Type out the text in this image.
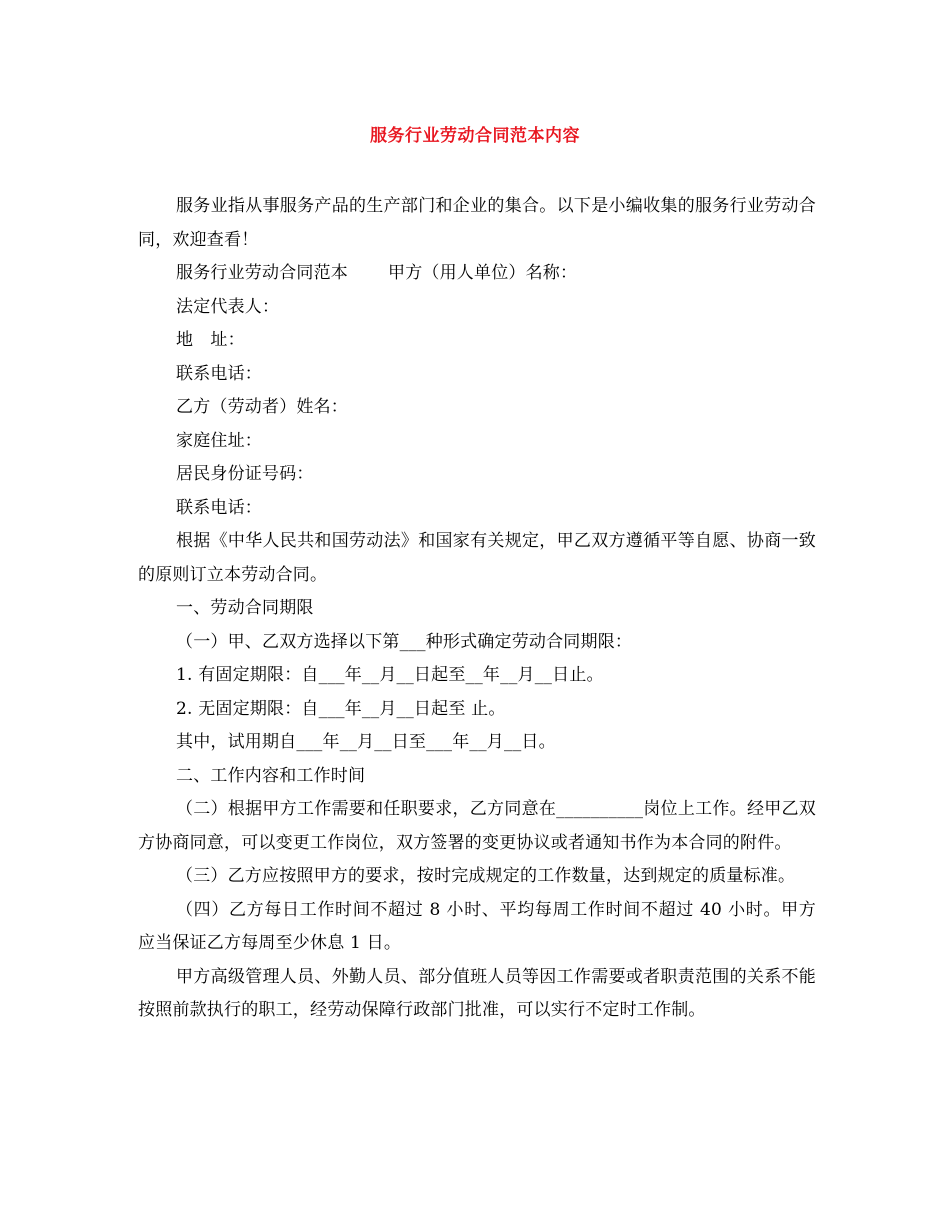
服务行业劳动合同范本内容

服务业指从事服务产品的生产部门和企业的集合。以下是小编收集的服务行业劳动合同，欢迎查看！

服务行业劳动合同范本　　 甲方（用人单位）名称：

法定代表人：

地　址：

联系电话：

乙方（劳动者）姓名：

家庭住址：

居民身份证号码：

联系电话：

根据《中华人民共和国劳动法》和国家有关规定，甲乙双方遵循平等自愿、协商一致的原则订立本劳动合同。

一、劳动合同期限

（一）甲、乙双方选择以下第___种形式确定劳动合同期限：

1. 有固定期限：自___年__月__日起至__年__月__日止。

2. 无固定期限：自___年__月__日起至 止。

其中，试用期自___年__月__日至___年__月__日。

二、工作内容和工作时间

（二）根据甲方工作需要和任职要求，乙方同意在__________岗位上工作。经甲乙双方协商同意，可以变更工作岗位，双方签署的变更协议或者通知书作为本合同的附件。

（三）乙方应按照甲方的要求，按时完成规定的工作数量，达到规定的质量标准。

（四）乙方每日工作时间不超过 8 小时、平均每周工作时间不超过 40 小时。甲方应当保证乙方每周至少休息 1 日。

甲方高级管理人员、外勤人员、部分值班人员等因工作需要或者职责范围的关系不能按照前款执行的职工，经劳动保障行政部门批准，可以实行不定时工作制。
